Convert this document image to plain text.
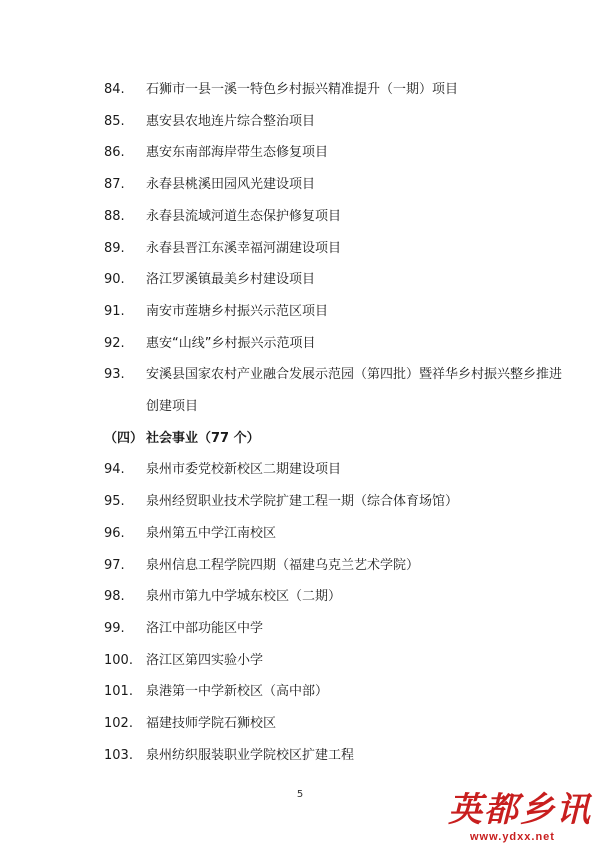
84. 石狮市一县一溪一特色乡村振兴精准提升（一期）项目
85. 惠安县农地连片综合整治项目
86. 惠安东南部海岸带生态修复项目
87. 永春县桃溪田园风光建设项目
88. 永春县流域河道生态保护修复项目
89. 永春县晋江东溪幸福河湖建设项目
90. 洛江罗溪镇最美乡村建设项目
91. 南安市莲塘乡村振兴示范区项目
92. 惠安“山线”乡村振兴示范项目
93. 安溪县国家农村产业融合发展示范园（第四批）暨祥华乡村振兴整乡推进
创建项目
（四） 社会事业（77 个）
94. 泉州市委党校新校区二期建设项目
95. 泉州经贸职业技术学院扩建工程一期（综合体育场馆）
96. 泉州第五中学江南校区
97. 泉州信息工程学院四期（福建乌克兰艺术学院）
98. 泉州市第九中学城东校区（二期）
99. 洛江中部功能区中学
100. 洛江区第四实验小学
101. 泉港第一中学新校区（高中部）
102. 福建技师学院石狮校区
103. 泉州纺织服装职业学院校区扩建工程
5	英都乡讯
www.ydxx.net
